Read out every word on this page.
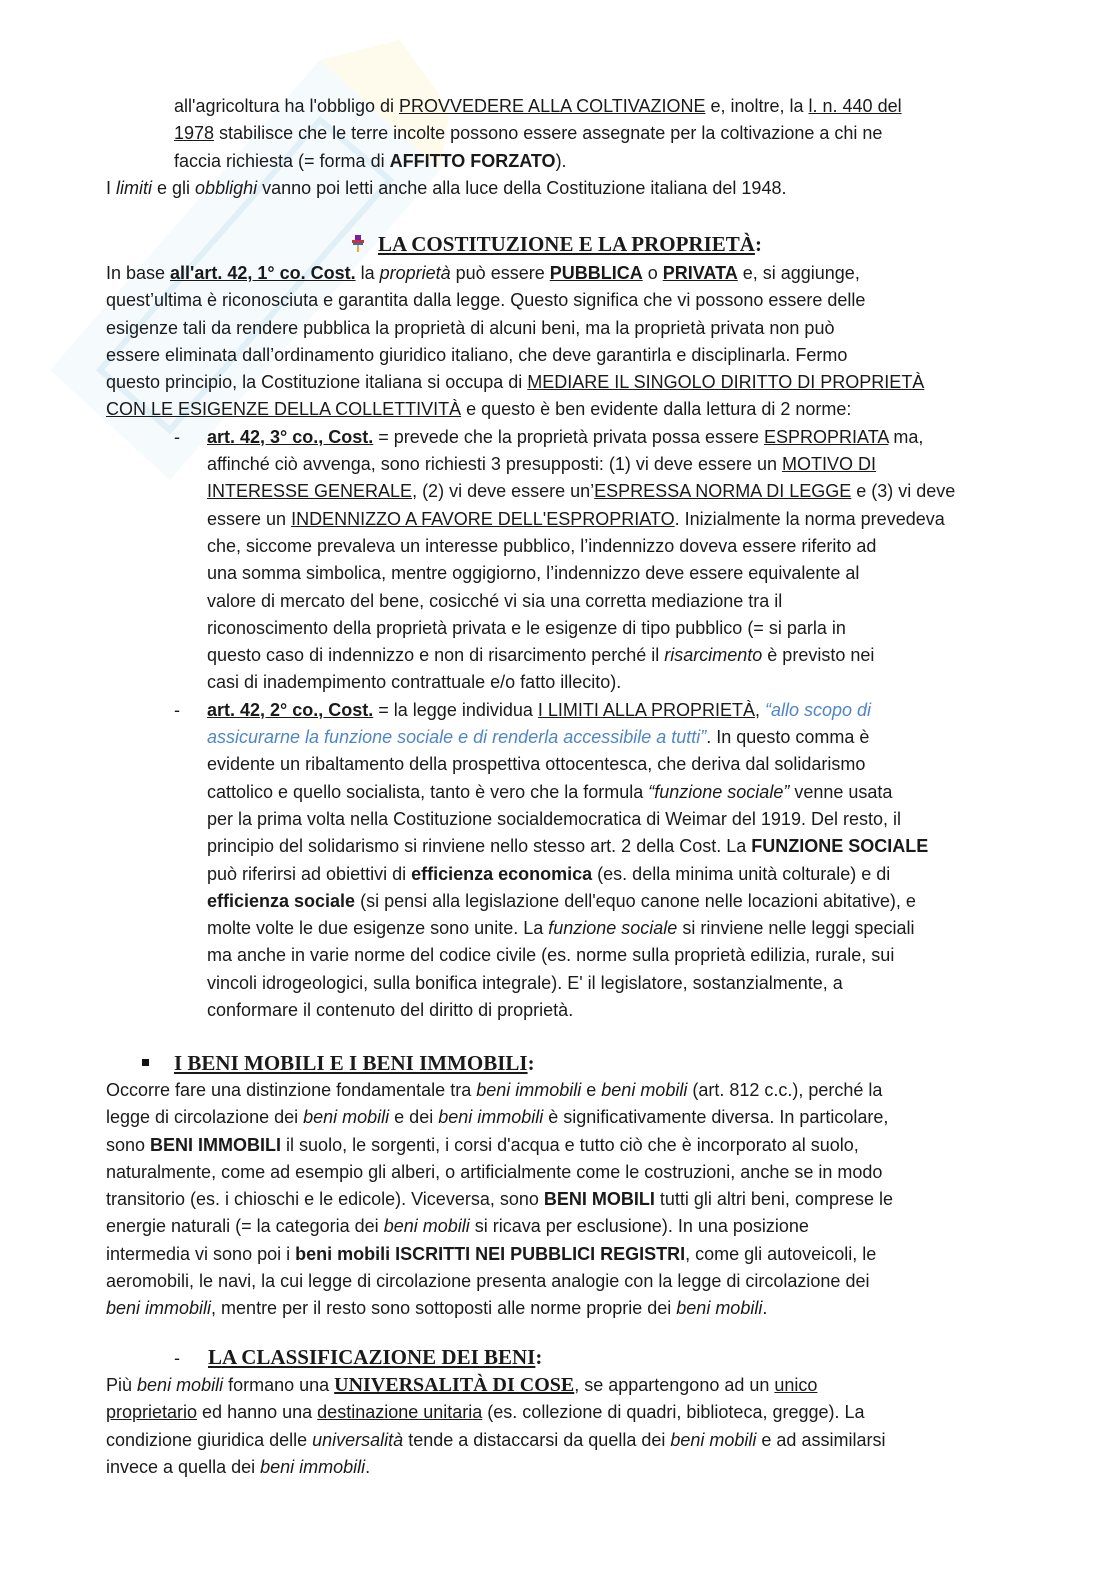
all'agricoltura ha l'obbligo di PROVVEDERE ALLA COLTIVAZIONE e, inoltre, la l. n. 440 del
1978 stabilisce che le terre incolte possono essere assegnate per la coltivazione a chi ne
faccia richiesta (= forma di AFFITTO FORZATO).
I limiti e gli obblighi vanno poi letti anche alla luce della Costituzione italiana del 1948.
LA COSTITUZIONE E LA PROPRIETÀ:
In base all'art. 42, 1° co. Cost. la proprietà può essere PUBBLICA o PRIVATA e, si aggiunge,
quest’ultima è riconosciuta e garantita dalla legge. Questo significa che vi possono essere delle
esigenze tali da rendere pubblica la proprietà di alcuni beni, ma la proprietà privata non può
essere eliminata dall’ordinamento giuridico italiano, che deve garantirla e disciplinarla. Fermo
questo principio, la Costituzione italiana si occupa di MEDIARE IL SINGOLO DIRITTO DI PROPRIETÀ
CON LE ESIGENZE DELLA COLLETTIVITÀ e questo è ben evidente dalla lettura di 2 norme:
- art. 42, 3° co., Cost. = prevede che la proprietà privata possa essere ESPROPRIATA ma,
affinché ciò avvenga, sono richiesti 3 presupposti: (1) vi deve essere un MOTIVO DI
INTERESSE GENERALE, (2) vi deve essere un’ESPRESSA NORMA DI LEGGE e (3) vi deve
essere un INDENNIZZO A FAVORE DELL'ESPROPRIATO. Inizialmente la norma prevedeva
che, siccome prevaleva un interesse pubblico, l’indennizzo doveva essere riferito ad
una somma simbolica, mentre oggigiorno, l’indennizzo deve essere equivalente al
valore di mercato del bene, cosicché vi sia una corretta mediazione tra il
riconoscimento della proprietà privata e le esigenze di tipo pubblico (= si parla in
questo caso di indennizzo e non di risarcimento perché il risarcimento è previsto nei
casi di inadempimento contrattuale e/o fatto illecito).
- art. 42, 2° co., Cost. = la legge individua I LIMITI ALLA PROPRIETÀ, “allo scopo di
assicurarne la funzione sociale e di renderla accessibile a tutti”. In questo comma è
evidente un ribaltamento della prospettiva ottocentesca, che deriva dal solidarismo
cattolico e quello socialista, tanto è vero che la formula “funzione sociale” venne usata
per la prima volta nella Costituzione socialdemocratica di Weimar del 1919. Del resto, il
principio del solidarismo si rinviene nello stesso art. 2 della Cost. La FUNZIONE SOCIALE
può riferirsi ad obiettivi di efficienza economica (es. della minima unità colturale) e di
efficienza sociale (si pensi alla legislazione dell'equo canone nelle locazioni abitative), e
molte volte le due esigenze sono unite. La funzione sociale si rinviene nelle leggi speciali
ma anche in varie norme del codice civile (es. norme sulla proprietà edilizia, rurale, sui
vincoli idrogeologici, sulla bonifica integrale). E' il legislatore, sostanzialmente, a
conformare il contenuto del diritto di proprietà.
I BENI MOBILI E I BENI IMMOBILI:
Occorre fare una distinzione fondamentale tra beni immobili e beni mobili (art. 812 c.c.), perché la
legge di circolazione dei beni mobili e dei beni immobili è significativamente diversa. In particolare,
sono BENI IMMOBILI il suolo, le sorgenti, i corsi d'acqua e tutto ciò che è incorporato al suolo,
naturalmente, come ad esempio gli alberi, o artificialmente come le costruzioni, anche se in modo
transitorio (es. i chioschi e le edicole). Viceversa, sono BENI MOBILI tutti gli altri beni, comprese le
energie naturali (= la categoria dei beni mobili si ricava per esclusione). In una posizione
intermedia vi sono poi i beni mobili ISCRITTI NEI PUBBLICI REGISTRI, come gli autoveicoli, le
aeromobili, le navi, la cui legge di circolazione presenta analogie con la legge di circolazione dei
beni immobili, mentre per il resto sono sottoposti alle norme proprie dei beni mobili.
- LA CLASSIFICAZIONE DEI BENI:
Più beni mobili formano una UNIVERSALITÀ DI COSE, se appartengono ad un unico
proprietario ed hanno una destinazione unitaria (es. collezione di quadri, biblioteca, gregge). La
condizione giuridica delle universalità tende a distaccarsi da quella dei beni mobili e ad assimilarsi
invece a quella dei beni immobili.
